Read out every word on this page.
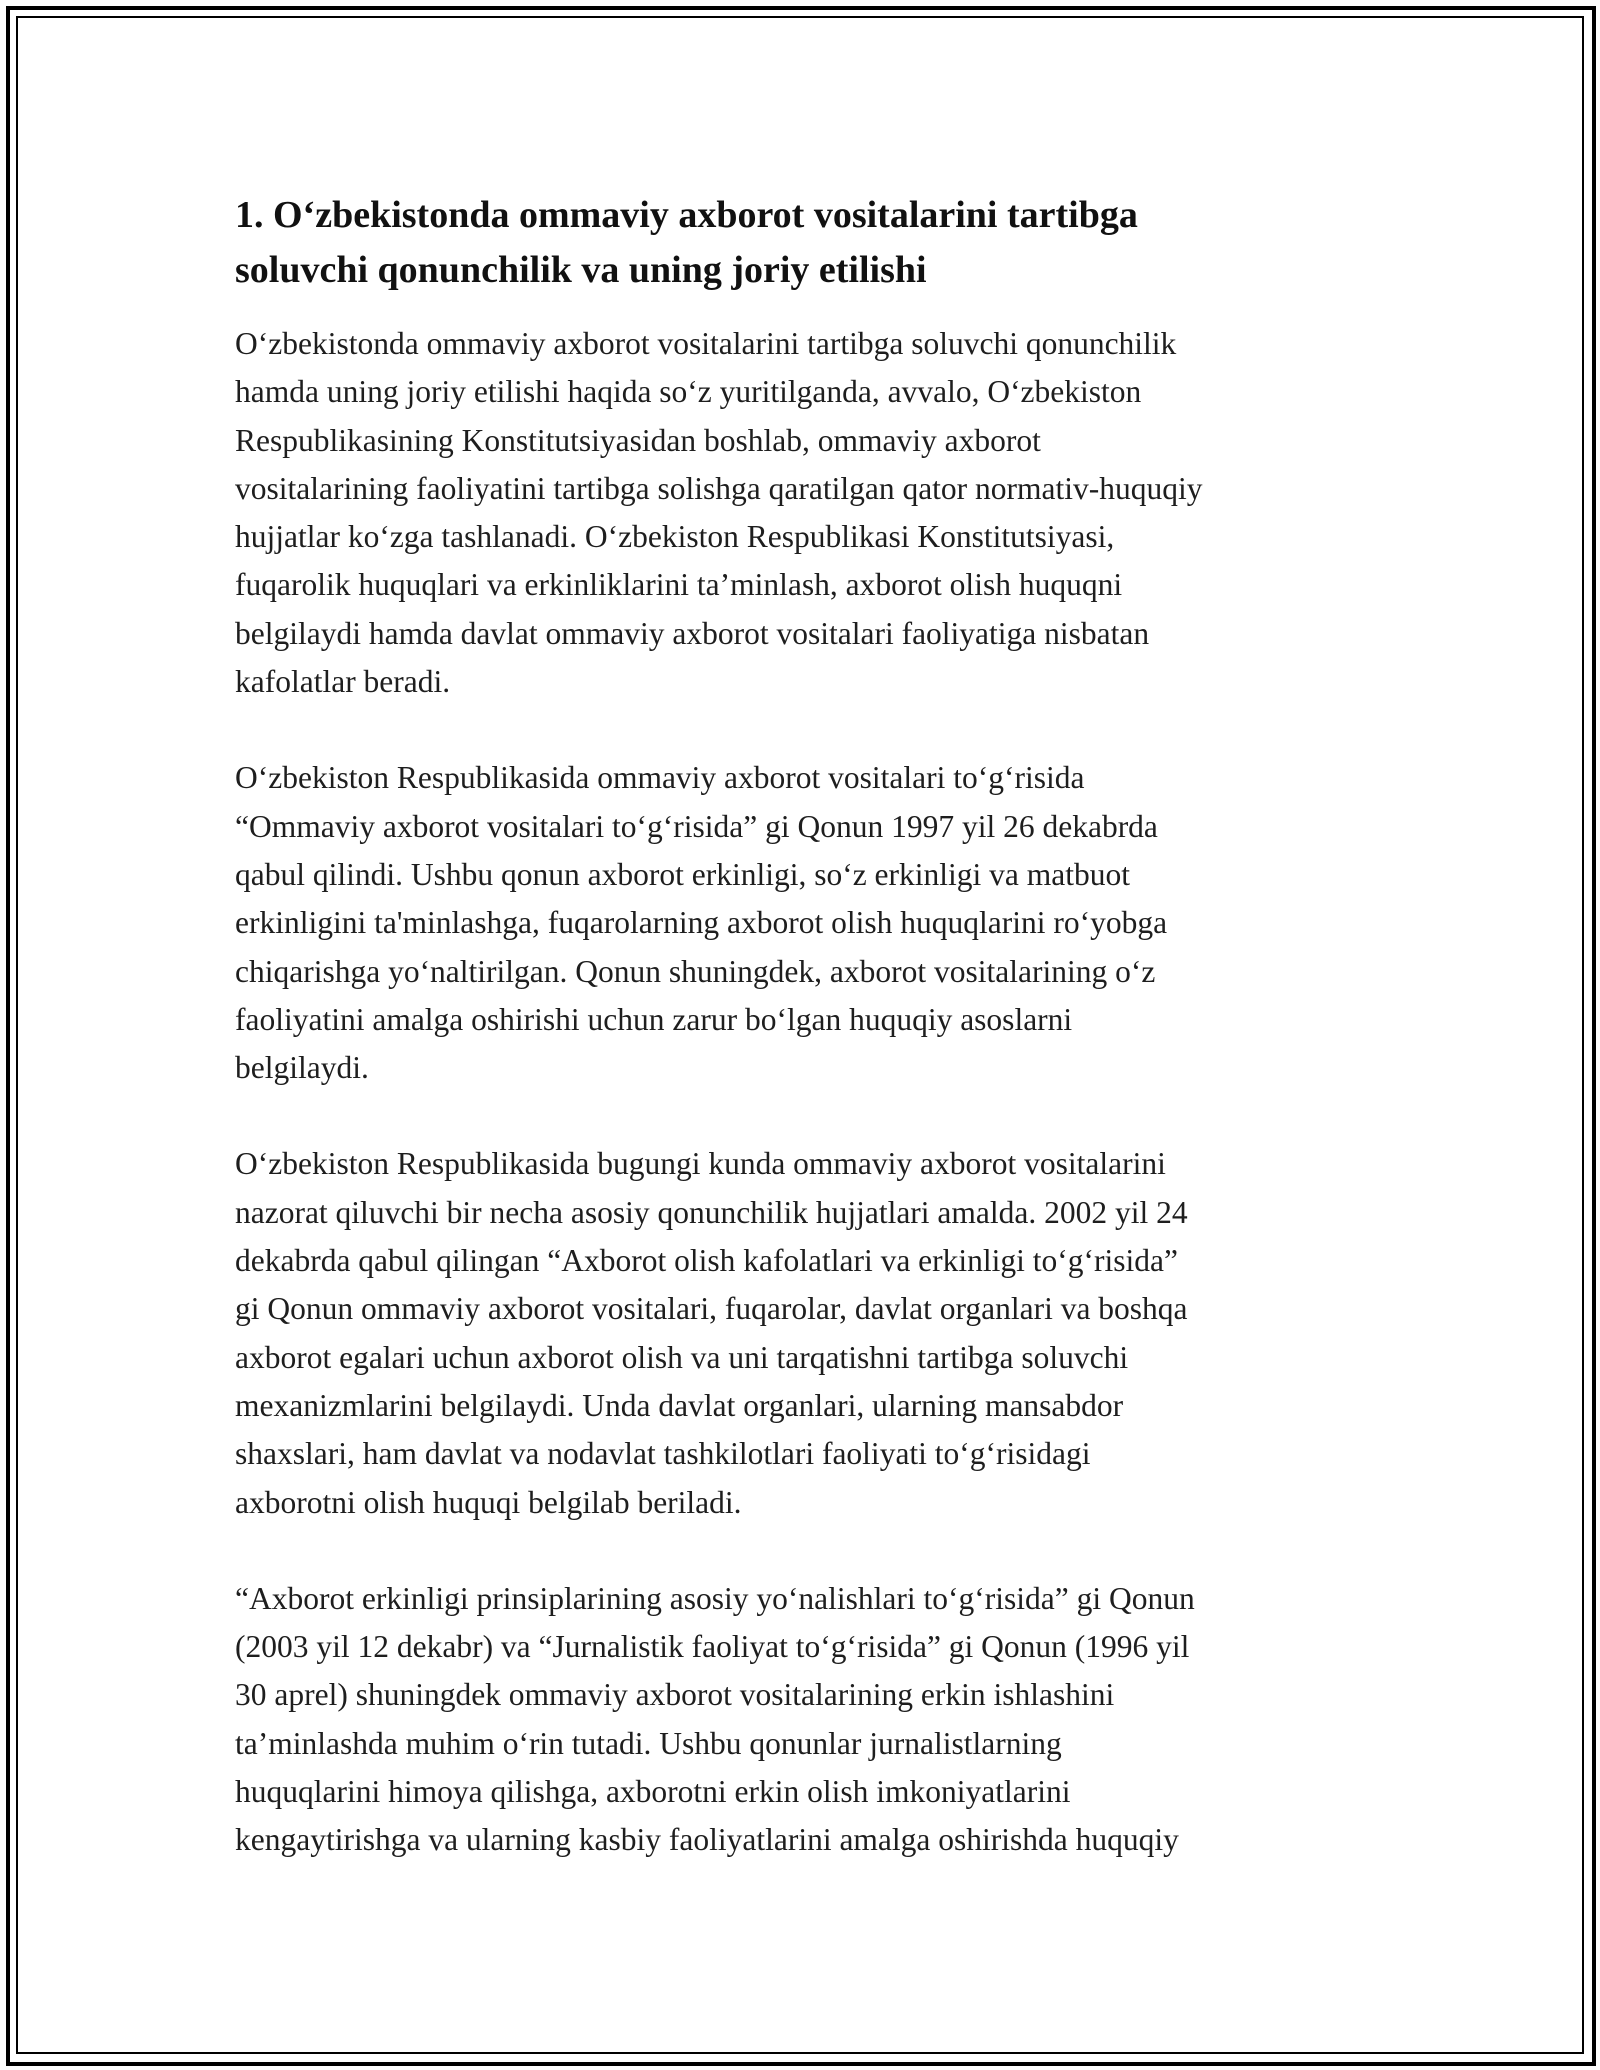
1. O‘zbekistonda ommaviy axborot vositalarini tartibga
soluvchi qonunchilik va uning joriy etilishi

O‘zbekistonda ommaviy axborot vositalarini tartibga soluvchi qonunchilik
hamda uning joriy etilishi haqida so‘z yuritilganda, avvalo, O‘zbekiston
Respublikasining Konstitutsiyasidan boshlab, ommaviy axborot
vositalarining faoliyatini tartibga solishga qaratilgan qator normativ-huquqiy
hujjatlar ko‘zga tashlanadi. O‘zbekiston Respublikasi Konstitutsiyasi,
fuqarolik huquqlari va erkinliklarini ta’minlash, axborot olish huquqni
belgilaydi hamda davlat ommaviy axborot vositalari faoliyatiga nisbatan
kafolatlar beradi.

O‘zbekiston Respublikasida ommaviy axborot vositalari to‘g‘risida
“Ommaviy axborot vositalari to‘g‘risida” gi Qonun 1997 yil 26 dekabrda
qabul qilindi. Ushbu qonun axborot erkinligi, so‘z erkinligi va matbuot
erkinligini ta'minlashga, fuqarolarning axborot olish huquqlarini ro‘yobga
chiqarishga yo‘naltirilgan. Qonun shuningdek, axborot vositalarining o‘z
faoliyatini amalga oshirishi uchun zarur bo‘lgan huquqiy asoslarni
belgilaydi.

O‘zbekiston Respublikasida bugungi kunda ommaviy axborot vositalarini
nazorat qiluvchi bir necha asosiy qonunchilik hujjatlari amalda. 2002 yil 24
dekabrda qabul qilingan “Axborot olish kafolatlari va erkinligi to‘g‘risida”
gi Qonun ommaviy axborot vositalari, fuqarolar, davlat organlari va boshqa
axborot egalari uchun axborot olish va uni tarqatishni tartibga soluvchi
mexanizmlarini belgilaydi. Unda davlat organlari, ularning mansabdor
shaxslari, ham davlat va nodavlat tashkilotlari faoliyati to‘g‘risidagi
axborotni olish huquqi belgilab beriladi.

“Axborot erkinligi prinsiplarining asosiy yo‘nalishlari to‘g‘risida” gi Qonun
(2003 yil 12 dekabr) va “Jurnalistik faoliyat to‘g‘risida” gi Qonun (1996 yil
30 aprel) shuningdek ommaviy axborot vositalarining erkin ishlashini
ta’minlashda muhim o‘rin tutadi. Ushbu qonunlar jurnalistlarning
huquqlarini himoya qilishga, axborotni erkin olish imkoniyatlarini
kengaytirishga va ularning kasbiy faoliyatlarini amalga oshirishda huquqiy
